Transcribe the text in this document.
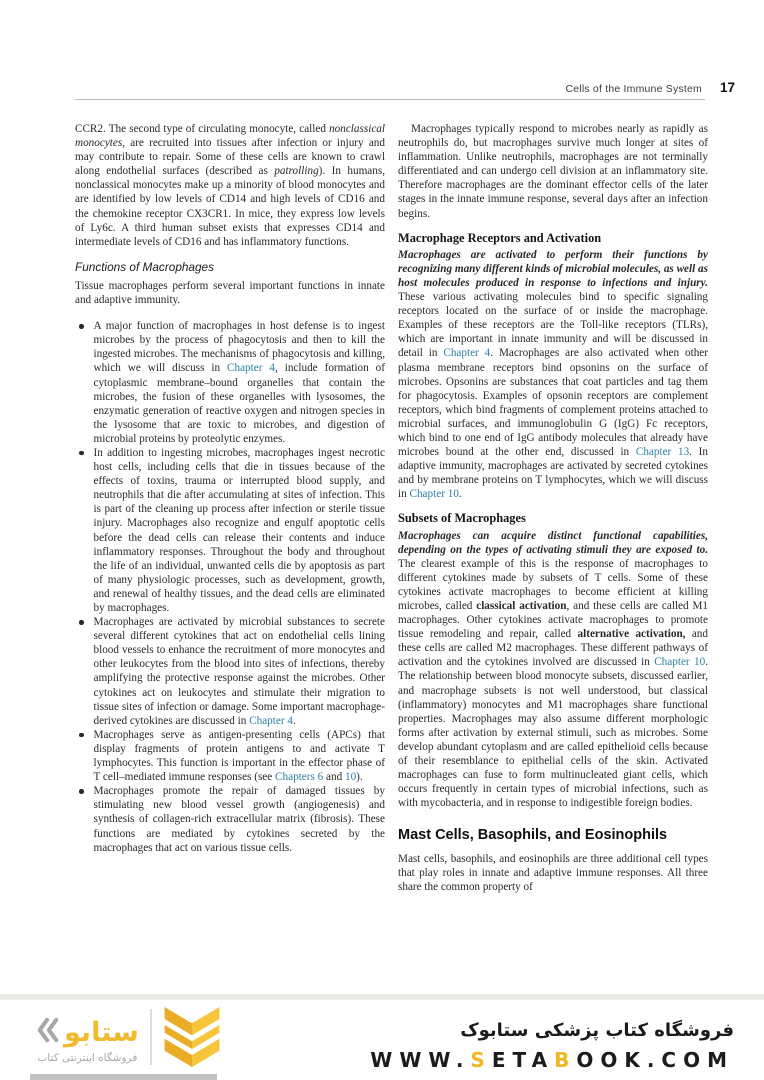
Cells of the Immune System 17
CCR2. The second type of circulating monocyte, called nonclassical monocytes, are recruited into tissues after infection or injury and may contribute to repair. Some of these cells are known to crawl along endothelial surfaces (described as patrolling). In humans, nonclassical monocytes make up a minority of blood monocytes and are identified by low levels of CD14 and high levels of CD16 and the chemokine receptor CX3CR1. In mice, they express low levels of Ly6c. A third human subset exists that expresses CD14 and intermediate levels of CD16 and has inflammatory functions.
Functions of Macrophages
Tissue macrophages perform several important functions in innate and adaptive immunity.
A major function of macrophages in host defense is to ingest microbes by the process of phagocytosis and then to kill the ingested microbes. The mechanisms of phagocytosis and killing, which we will discuss in Chapter 4, include formation of cytoplasmic membrane–bound organelles that contain the microbes, the fusion of these organelles with lysosomes, the enzymatic generation of reactive oxygen and nitrogen species in the lysosome that are toxic to microbes, and digestion of microbial proteins by proteolytic enzymes.
In addition to ingesting microbes, macrophages ingest necrotic host cells, including cells that die in tissues because of the effects of toxins, trauma or interrupted blood supply, and neutrophils that die after accumulating at sites of infection. This is part of the cleaning up process after infection or sterile tissue injury. Macrophages also recognize and engulf apoptotic cells before the dead cells can release their contents and induce inflammatory responses. Throughout the body and throughout the life of an individual, unwanted cells die by apoptosis as part of many physiologic processes, such as development, growth, and renewal of healthy tissues, and the dead cells are eliminated by macrophages.
Macrophages are activated by microbial substances to secrete several different cytokines that act on endothelial cells lining blood vessels to enhance the recruitment of more monocytes and other leukocytes from the blood into sites of infections, thereby amplifying the protective response against the microbes. Other cytokines act on leukocytes and stimulate their migration to tissue sites of infection or damage. Some important macrophage-derived cytokines are discussed in Chapter 4.
Macrophages serve as antigen-presenting cells (APCs) that display fragments of protein antigens to and activate T lymphocytes. This function is important in the effector phase of T cell–mediated immune responses (see Chapters 6 and 10).
Macrophages promote the repair of damaged tissues by stimulating new blood vessel growth (angiogenesis) and synthesis of collagen-rich extracellular matrix (fibrosis). These functions are mediated by cytokines secreted by the macrophages that act on various tissue cells.
Macrophages typically respond to microbes nearly as rapidly as neutrophils do, but macrophages survive much longer at sites of inflammation. Unlike neutrophils, macrophages are not terminally differentiated and can undergo cell division at an inflammatory site. Therefore macrophages are the dominant effector cells of the later stages in the innate immune response, several days after an infection begins.
Macrophage Receptors and Activation
Macrophages are activated to perform their functions by recognizing many different kinds of microbial molecules, as well as host molecules produced in response to infections and injury. These various activating molecules bind to specific signaling receptors located on the surface of or inside the macrophage. Examples of these receptors are the Toll-like receptors (TLRs), which are important in innate immunity and will be discussed in detail in Chapter 4. Macrophages are also activated when other plasma membrane receptors bind opsonins on the surface of microbes. Opsonins are substances that coat particles and tag them for phagocytosis. Examples of opsonin receptors are complement receptors, which bind fragments of complement proteins attached to microbial surfaces, and immunoglobulin G (IgG) Fc receptors, which bind to one end of IgG antibody molecules that already have microbes bound at the other end, discussed in Chapter 13. In adaptive immunity, macrophages are activated by secreted cytokines and by membrane proteins on T lymphocytes, which we will discuss in Chapter 10.
Subsets of Macrophages
Macrophages can acquire distinct functional capabilities, depending on the types of activating stimuli they are exposed to. The clearest example of this is the response of macrophages to different cytokines made by subsets of T cells. Some of these cytokines activate macrophages to become efficient at killing microbes, called classical activation, and these cells are called M1 macrophages. Other cytokines activate macrophages to promote tissue remodeling and repair, called alternative activation, and these cells are called M2 macrophages. These different pathways of activation and the cytokines involved are discussed in Chapter 10. The relationship between blood monocyte subsets, discussed earlier, and macrophage subsets is not well understood, but classical (inflammatory) monocytes and M1 macrophages share functional properties. Macrophages may also assume different morphologic forms after activation by external stimuli, such as microbes. Some develop abundant cytoplasm and are called epithelioid cells because of their resemblance to epithelial cells of the skin. Activated macrophages can fuse to form multinucleated giant cells, which occurs frequently in certain types of microbial infections, such as with mycobacteria, and in response to indigestible foreign bodies.
Mast Cells, Basophils, and Eosinophils
Mast cells, basophils, and eosinophils are three additional cell types that play roles in innate and adaptive immune responses. All three share the common property of
ستابو
فروشگاه اینترنتی کتاب
فروشگاه کتاب پزشکی ستابوک
WWW.SETABOOK.COM
